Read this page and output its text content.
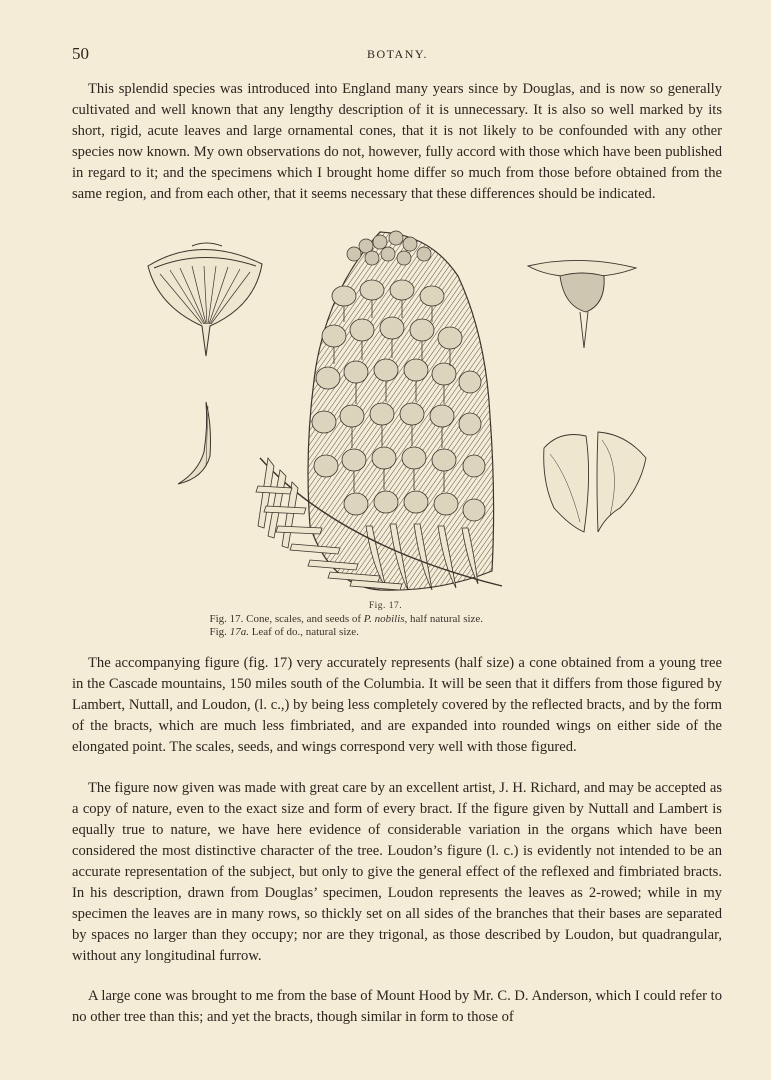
50	BOTANY.

This splendid species was introduced into England many years since by Douglas, and is now so generally cultivated and well known that any lengthy description of it is unnecessary. It is also so well marked by its short, rigid, acute leaves and large ornamental cones, that it is not likely to be confounded with any other species now known. My own observations do not, however, fully accord with those which have been published in regard to it; and the specimens which I brought home differ so much from those before obtained from the same region, and from each other, that it seems necessary that these differences should be indicated.

Fig. 17.
Fig. 17. Cone, scales, and seeds of P. nobilis, half natural size.
Fig. 17a. Leaf of do., natural size.

The accompanying figure (fig. 17) very accurately represents (half size) a cone obtained from a young tree in the Cascade mountains, 150 miles south of the Columbia. It will be seen that it differs from those figured by Lambert, Nuttall, and Loudon, (l. c.,) by being less completely covered by the reflected bracts, and by the form of the bracts, which are much less fimbriated, and are expanded into rounded wings on either side of the elongated point. The scales, seeds, and wings correspond very well with those figured.

The figure now given was made with great care by an excellent artist, J. H. Richard, and may be accepted as a copy of nature, even to the exact size and form of every bract. If the figure given by Nuttall and Lambert is equally true to nature, we have here evidence of considerable variation in the organs which have been considered the most distinctive character of the tree. Loudon’s figure (l. c.) is evidently not intended to be an accurate representation of the subject, but only to give the general effect of the reflexed and fimbriated bracts. In his description, drawn from Douglas’ specimen, Loudon represents the leaves as 2-rowed; while in my specimen the leaves are in many rows, so thickly set on all sides of the branches that their bases are separated by spaces no larger than they occupy; nor are they trigonal, as those described by Loudon, but quadrangular, without any longitudinal furrow.

A large cone was brought to me from the base of Mount Hood by Mr. C. D. Anderson, which I could refer to no other tree than this; and yet the bracts, though similar in form to those of
